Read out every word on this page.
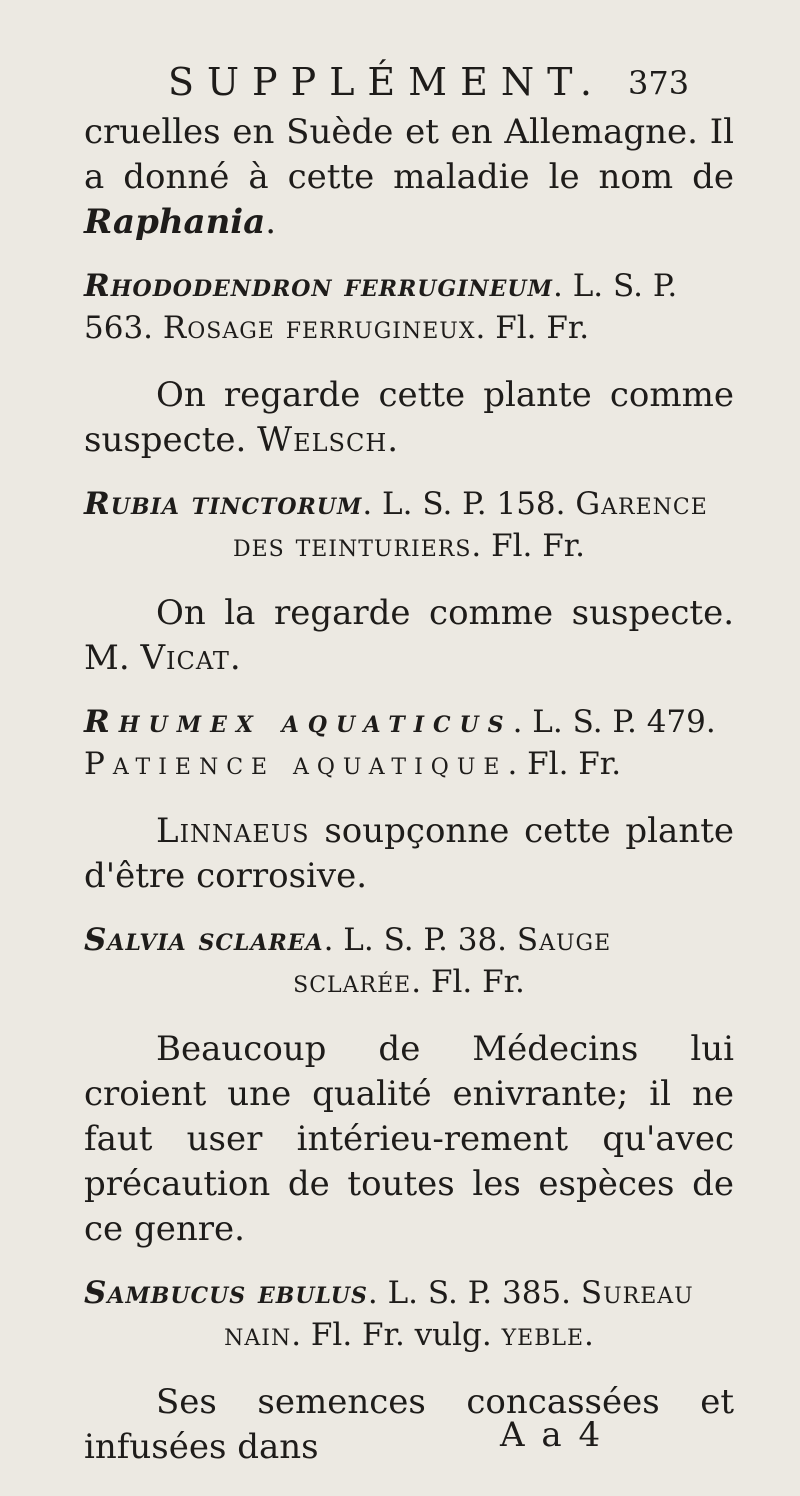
SUPPLÉMENT. 373

cruelles en Suède et en Allemagne. Il a donné à cette maladie le nom de Raphania.

Rhododendron ferrugineum. L. S. P.

563. Rosage ferrugineux. Fl. Fr.

On regarde cette plante comme suspecte. Welsch.

Rubia tinctorum. L. S. P. 158. Garence

des teinturiers. Fl. Fr.

On la regarde comme suspecte. M. Vicat.

Rhumex aquaticus. L. S. P. 479.

Patience aquatique. Fl. Fr.

Linnaeus soupçonne cette plante d'être corrosive.

Salvia sclarea. L. S. P. 38. Sauge

sclarée. Fl. Fr.

Beaucoup de Médecins lui croient une qualité enivrante; il ne faut user intérieu-rement qu'avec précaution de toutes les espèces de ce genre.

Sambucus ebulus. L. S. P. 385. Sureau

nain. Fl. Fr. vulg. yeble.

Ses semences concassées et infusées dans	A a 4
